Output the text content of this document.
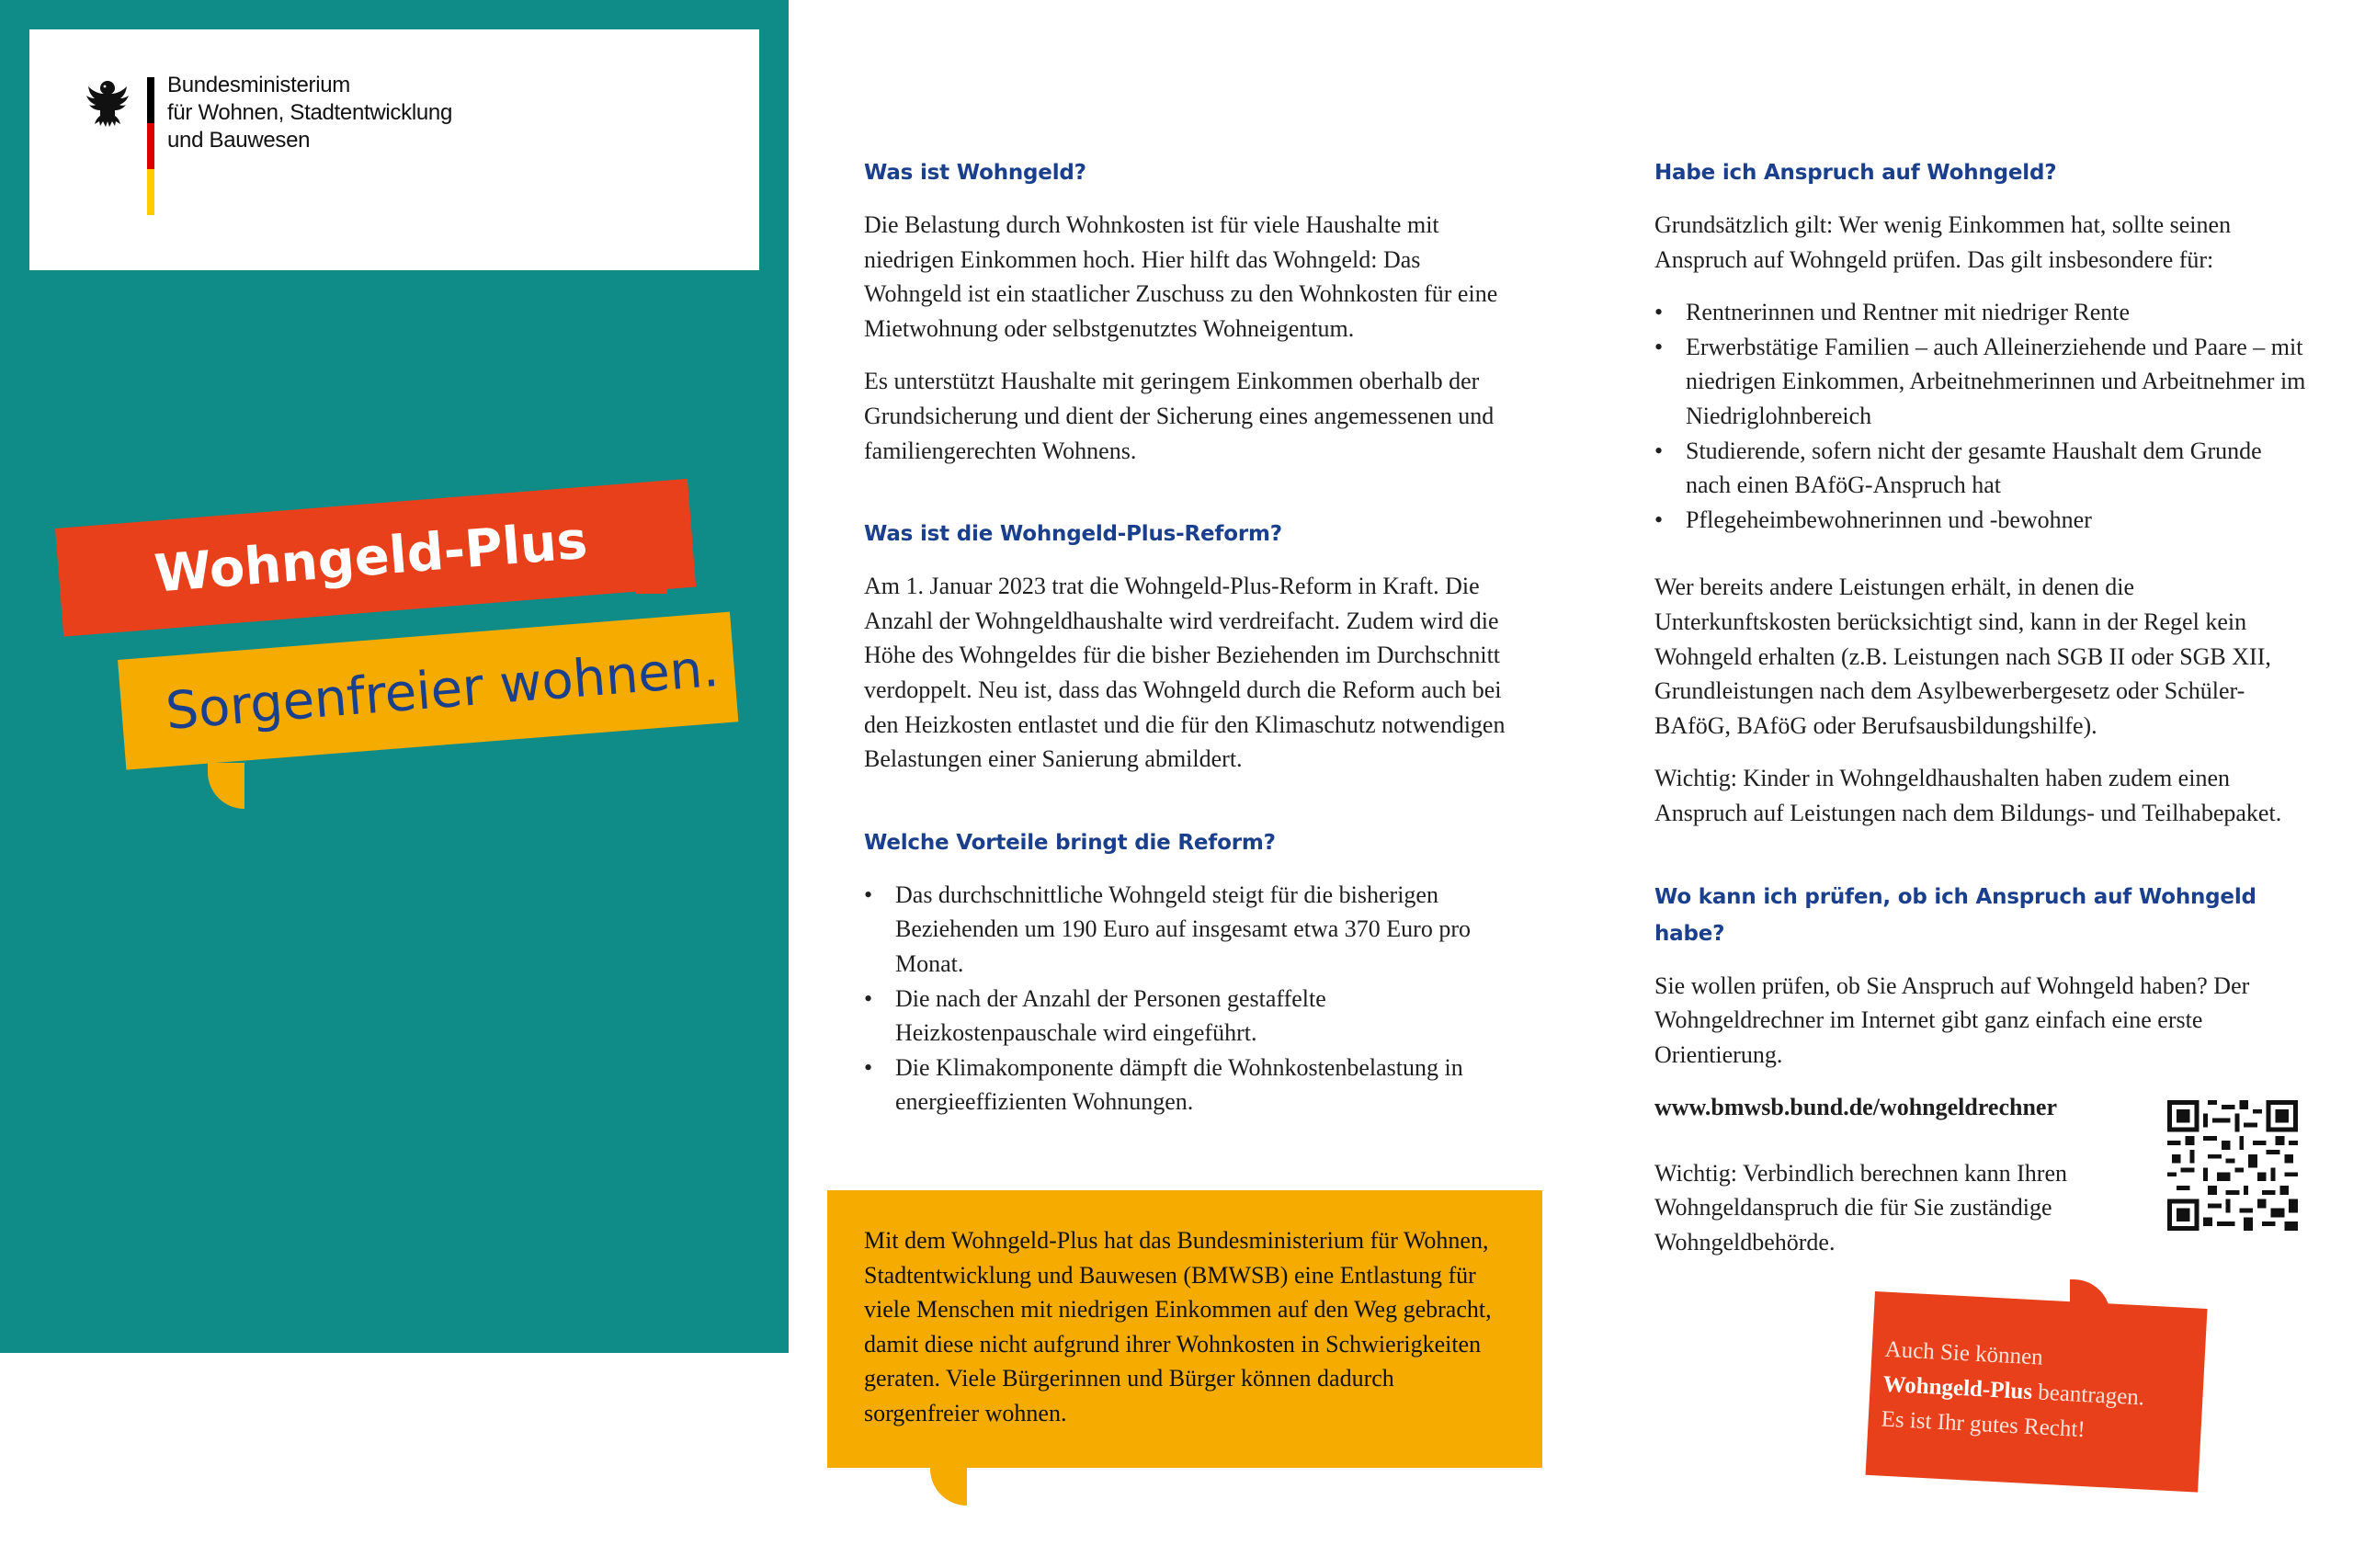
Bundesministerium
für Wohnen, Stadtentwicklung
und Bauwesen
Wohngeld-Plus
Sorgenfreier wohnen.
Was ist Wohngeld?

Die Belastung durch Wohnkosten ist für viele Haushalte mit niedrigen Einkommen hoch. Hier hilft das Wohngeld: Das Wohngeld ist ein staatlicher Zuschuss zu den Wohnkosten für eine Mietwohnung oder selbstgenutztes Wohneigentum.

Es unterstützt Haushalte mit geringem Einkommen oberhalb der Grundsicherung und dient der Sicherung eines angemessenen und familiengerechten Wohnens.

Was ist die Wohngeld-Plus-Reform?

Am 1. Januar 2023 trat die Wohngeld-Plus-Reform in Kraft. Die Anzahl der Wohngeldhaushalte wird verdreifacht. Zudem wird die Höhe des Wohngeldes für die bisher Beziehenden im Durchschnitt verdoppelt. Neu ist, dass das Wohngeld durch die Reform auch bei den Heizkosten entlastet und die für den Klimaschutz notwendigen Belastungen einer Sanierung abmildert.

Welche Vorteile bringt die Reform?
• Das durchschnittliche Wohngeld steigt für die bisherigen Beziehenden um 190 Euro auf insgesamt etwa 370 Euro pro Monat.
• Die nach der Anzahl der Personen gestaffelte Heizkostenpauschale wird eingeführt.
• Die Klimakomponente dämpft die Wohnkostenbelastung in energieeffizienten Wohnungen.

Mit dem Wohngeld-Plus hat das Bundesministerium für Wohnen, Stadtentwicklung und Bauwesen (BMWSB) eine Entlastung für viele Menschen mit niedrigen Einkommen auf den Weg gebracht, damit diese nicht aufgrund ihrer Wohnkosten in Schwierigkeiten geraten. Viele Bürgerinnen und Bürger können dadurch sorgenfreier wohnen.

Habe ich Anspruch auf Wohngeld?

Grundsätzlich gilt: Wer wenig Einkommen hat, sollte seinen Anspruch auf Wohngeld prüfen. Das gilt insbesondere für:

• Rentnerinnen und Rentner mit niedriger Rente
• Erwerbstätige Familien – auch Alleinerziehende und Paare – mit niedrigen Einkommen, Arbeitnehmerinnen und Arbeitnehmer im Niedriglohnbereich
• Studierende, sofern nicht der gesamte Haushalt dem Grunde nach einen BAföG-Anspruch hat
• Pflegeheimbewohnerinnen und -bewohner

Wer bereits andere Leistungen erhält, in denen die Unterkunftskosten berücksichtigt sind, kann in der Regel kein Wohngeld erhalten (z.B. Leistungen nach SGB II oder SGB XII, Grundleistungen nach dem Asylbewerbergesetz oder Schüler-BAföG, BAföG oder Berufsausbildungshilfe).

Wichtig: Kinder in Wohngeldhaushalten haben zudem einen Anspruch auf Leistungen nach dem Bildungs- und Teilhabepaket.

Wo kann ich prüfen, ob ich Anspruch auf Wohngeld habe?

Sie wollen prüfen, ob Sie Anspruch auf Wohngeld haben? Der Wohngeldrechner im Internet gibt ganz einfach eine erste Orientierung.

www.bmwsb.bund.de/wohngeldrechner

Wichtig: Verbindlich berechnen kann Ihren Wohngeldanspruch die für Sie zuständige Wohngeldbehörde.

Auch Sie können
Wohngeld-Plus beantragen.
Es ist Ihr gutes Recht!
